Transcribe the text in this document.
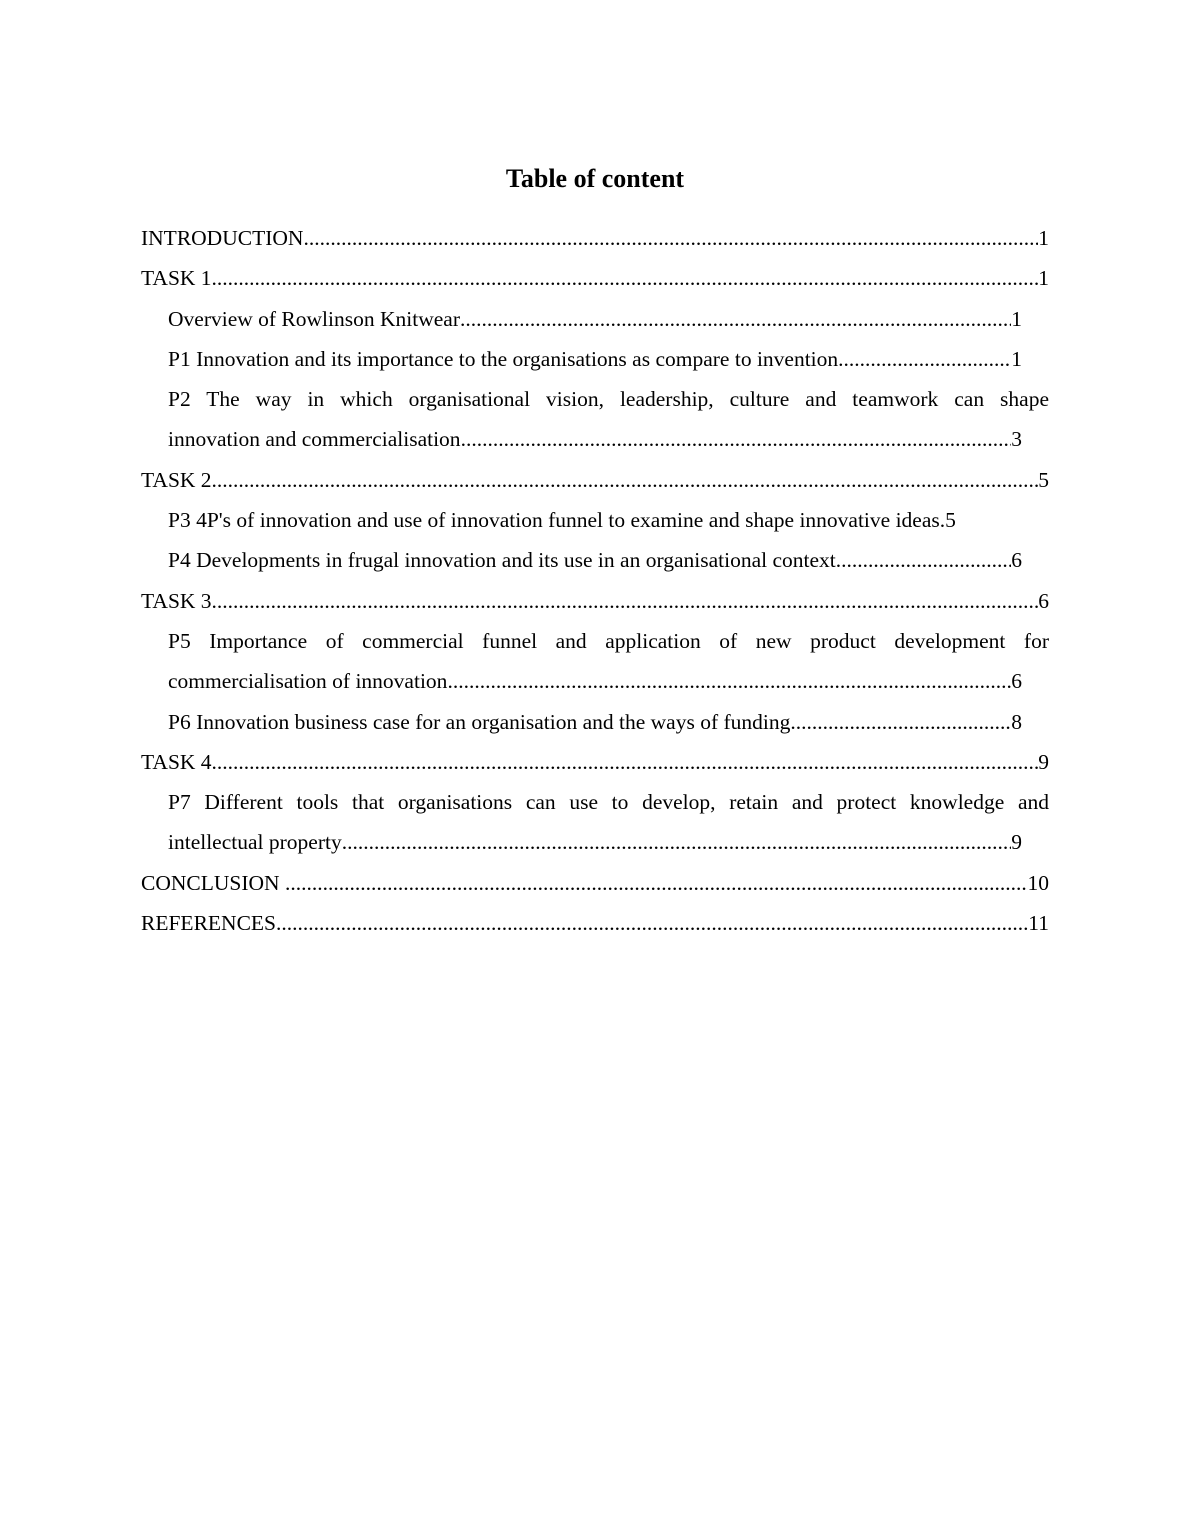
Table of content
INTRODUCTION .....	1
TASK 1 .....	1
Overview of Rowlinson Knitwear .....	1
P1 Innovation and its importance to the organisations as compare to invention .....	1
P2 The way in which organisational vision, leadership, culture and teamwork can shape
innovation and commercialisation .....	3
TASK 2 .....	5
P3 4P's of innovation and use of innovation funnel to examine and shape innovative ideas. 5
P4 Developments in frugal innovation and its use in an organisational context .....	6
TASK 3 .....	6
P5 Importance of commercial funnel and application of new product development for
commercialisation of innovation .....	6
P6 Innovation business case for an organisation and the ways of funding .....	8
TASK 4 .....	9
P7 Different tools that organisations can use to develop, retain and protect knowledge and
intellectual property .....	9
CONCLUSION .....	10
REFERENCES .....	11
